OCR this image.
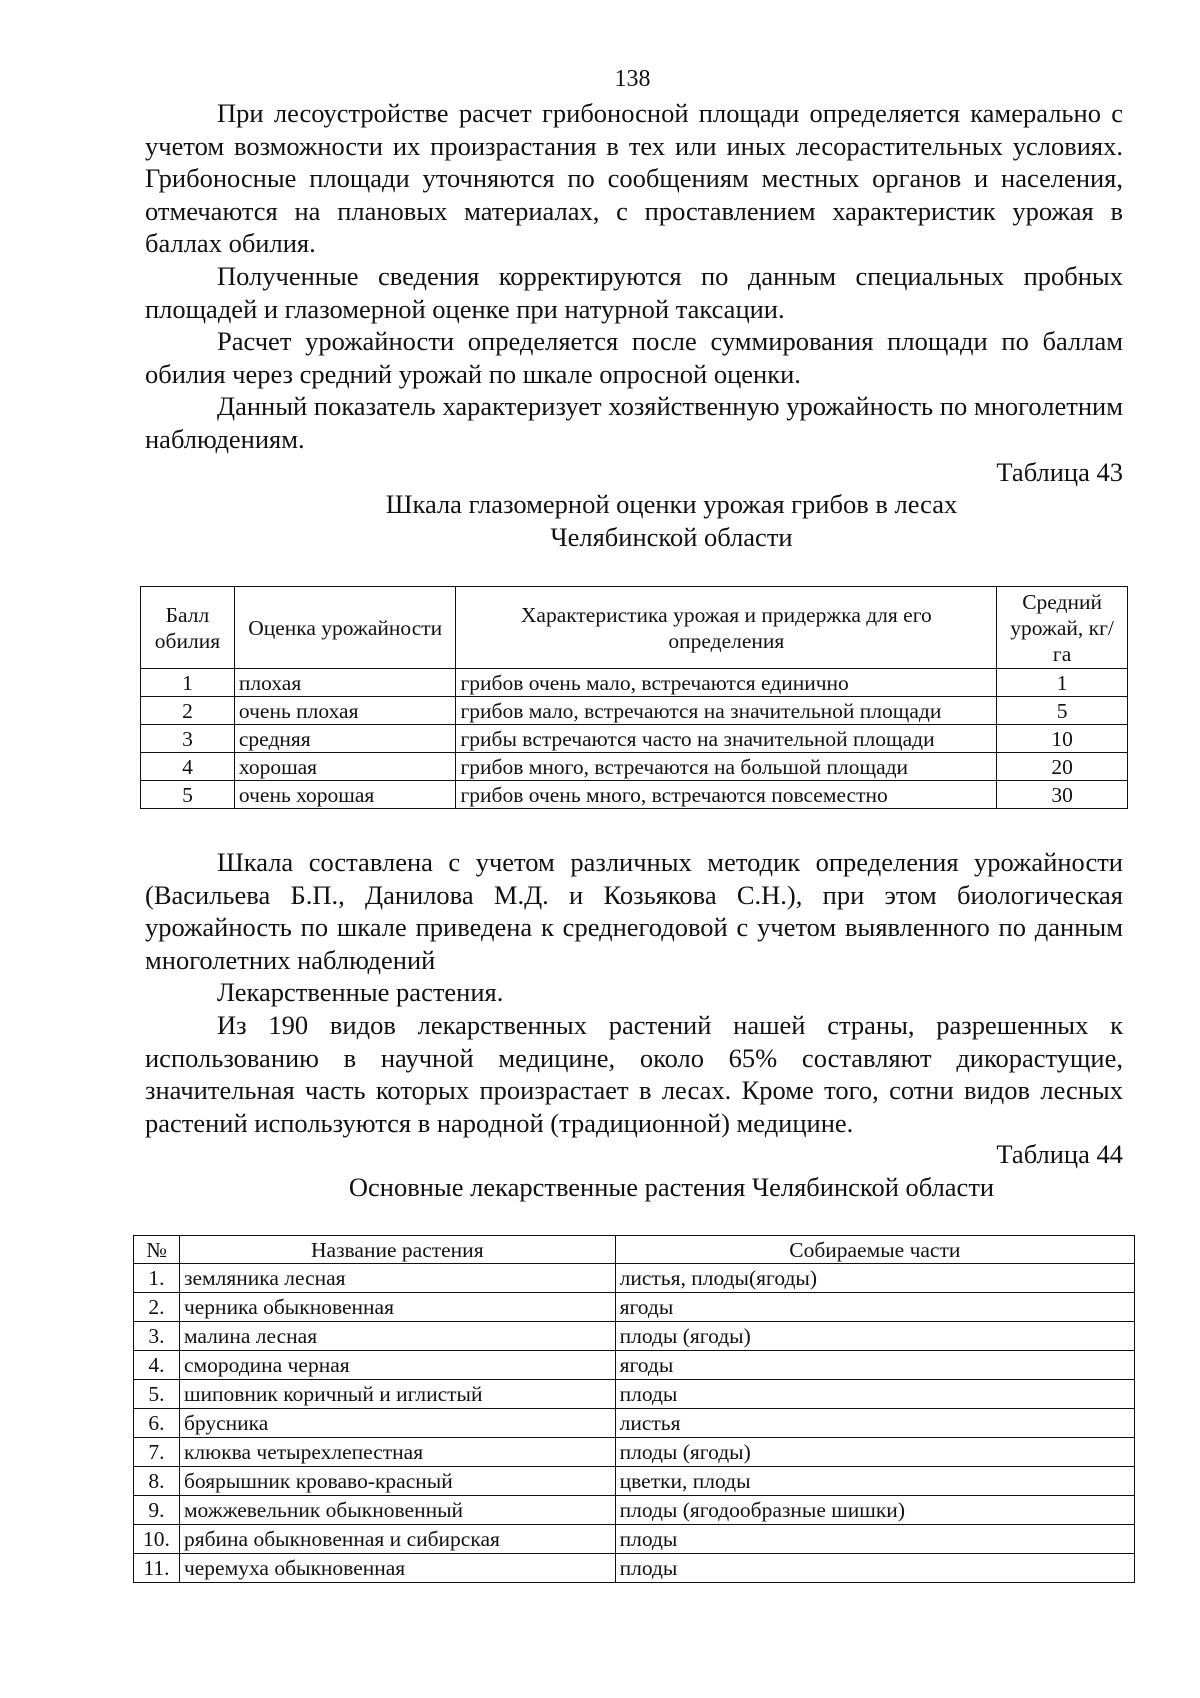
138

При лесоустройстве расчет грибоносной площади определяется камерально с учетом возможности их произрастания в тех или иных лесорастительных условиях. Грибоносные площади уточняются по сообщениям местных органов и населения, отмечаются на плановых материалах, с проставлением характеристик урожая в баллах обилия.

Полученные сведения корректируются по данным специальных пробных площадей и глазомерной оценке при натурной таксации.

Расчет урожайности определяется после суммирования площади по баллам обилия через средний урожай по шкале опросной оценки.

Данный показатель характеризует хозяйственную урожайность по многолетним наблюдениям.

Таблица 43
Шкала глазомерной оценки урожая грибов в лесах
Челябинской области
Балл обилия	Оценка урожайности	Характеристика урожая и придержка для его определения	Средний урожай, кг/га
1	плохая	грибов очень мало, встречаются единично	1
2	очень плохая	грибов мало, встречаются на значительной площади	5
3	средняя	грибы встречаются часто на значительной площади	10
4	хорошая	грибов много, встречаются на большой площади	20
5	очень хорошая	грибов очень много, встречаются повсеместно	30

Шкала составлена с учетом различных методик определения урожайности (Васильева Б.П., Данилова М.Д. и Козьякова С.Н.), при этом биологическая урожайность по шкале приведена к среднегодовой с учетом выявленного по данным многолетних наблюдений

Лекарственные растения.

Из 190 видов лекарственных растений нашей страны, разрешенных к использованию в научной медицине, около 65% составляют дикорастущие, значительная часть которых произрастает в лесах. Кроме того, сотни видов лесных растений используются в народной (традиционной) медицине.

Таблица 44
Основные лекарственные растения Челябинской области
№	Название растения	Собираемые части
1.	земляника лесная	листья, плоды(ягоды)
2.	черника обыкновенная	ягоды
3.	малина лесная	плоды (ягоды)
4.	смородина черная	ягоды
5.	шиповник коричный и иглистый	плоды
6.	брусника	листья
7.	клюква четырехлепестная	плоды (ягоды)
8.	боярышник кроваво-красный	цветки, плоды
9.	можжевельник обыкновенный	плоды (ягодообразные шишки)
10.	рябина обыкновенная и сибирская	плоды
11.	черемуха обыкновенная	плоды
